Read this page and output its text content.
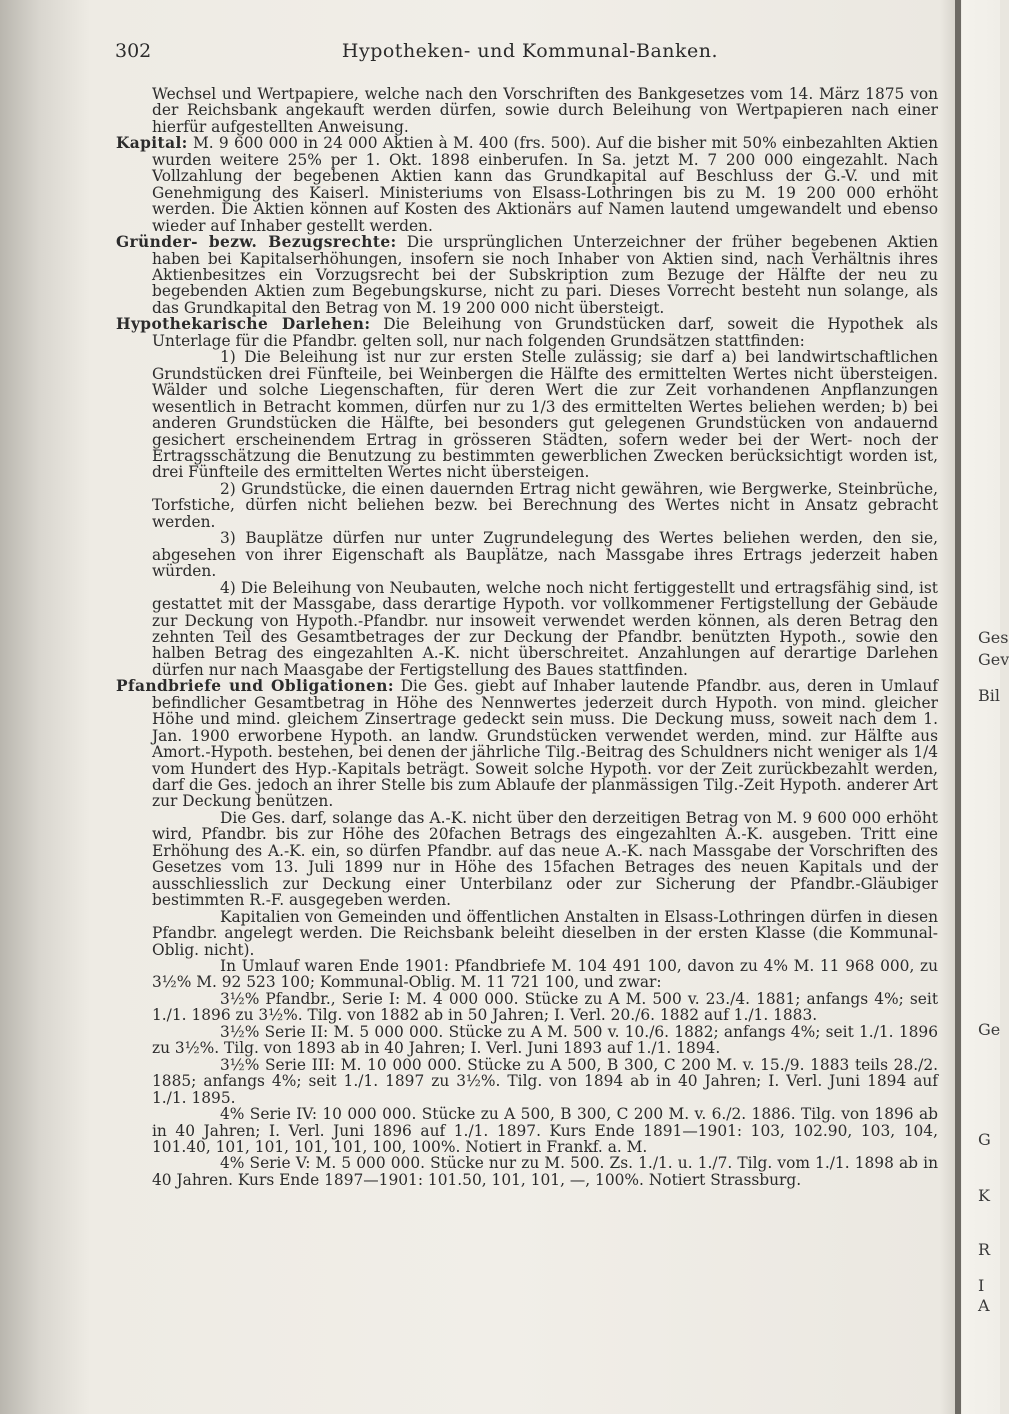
302	Hypotheken- und Kommunal-Banken.

Wechsel und Wertpapiere, welche nach den Vorschriften des Bankgesetzes vom 14. März 1875 von der Reichsbank angekauft werden dürfen, sowie durch Beleihung von Wertpapieren nach einer hierfür aufgestellten Anweisung.

Kapital: M. 9 600 000 in 24 000 Aktien à M. 400 (frs. 500). Auf die bisher mit 50% einbezahlten Aktien wurden weitere 25% per 1. Okt. 1898 einberufen. In Sa. jetzt M. 7 200 000 eingezahlt. Nach Vollzahlung der begebenen Aktien kann das Grundkapital auf Beschluss der G.-V. und mit Genehmigung des Kaiserl. Ministeriums von Elsass-Lothringen bis zu M. 19 200 000 erhöht werden. Die Aktien können auf Kosten des Aktionärs auf Namen lautend umgewandelt und ebenso wieder auf Inhaber gestellt werden.

Gründer- bezw. Bezugsrechte: Die ursprünglichen Unterzeichner der früher begebenen Aktien haben bei Kapitalserhöhungen, insofern sie noch Inhaber von Aktien sind, nach Verhältnis ihres Aktienbesitzes ein Vorzugsrecht bei der Subskription zum Bezuge der Hälfte der neu zu begebenden Aktien zum Begebungskurse, nicht zu pari. Dieses Vorrecht besteht nun solange, als das Grundkapital den Betrag von M. 19 200 000 nicht übersteigt.

Hypothekarische Darlehen: Die Beleihung von Grundstücken darf, soweit die Hypothek als Unterlage für die Pfandbr. gelten soll, nur nach folgenden Grundsätzen stattfinden:

1) Die Beleihung ist nur zur ersten Stelle zulässig; sie darf a) bei landwirtschaftlichen Grundstücken drei Fünfteile, bei Weinbergen die Hälfte des ermittelten Wertes nicht übersteigen. Wälder und solche Liegenschaften, für deren Wert die zur Zeit vorhandenen Anpflanzungen wesentlich in Betracht kommen, dürfen nur zu 1/3 des ermittelten Wertes beliehen werden; b) bei anderen Grundstücken die Hälfte, bei besonders gut gelegenen Grundstücken von andauernd gesichert erscheinendem Ertrag in grösseren Städten, sofern weder bei der Wert- noch der Ertragsschätzung die Benutzung zu bestimmten gewerblichen Zwecken berücksichtigt worden ist, drei Fünfteile des ermittelten Wertes nicht übersteigen.

2) Grundstücke, die einen dauernden Ertrag nicht gewähren, wie Bergwerke, Steinbrüche, Torfstiche, dürfen nicht beliehen bezw. bei Berechnung des Wertes nicht in Ansatz gebracht werden.

3) Bauplätze dürfen nur unter Zugrundelegung des Wertes beliehen werden, den sie, abgesehen von ihrer Eigenschaft als Bauplätze, nach Massgabe ihres Ertrags jederzeit haben würden.

4) Die Beleihung von Neubauten, welche noch nicht fertiggestellt und ertragsfähig sind, ist gestattet mit der Massgabe, dass derartige Hypoth. vor vollkommener Fertigstellung der Gebäude zur Deckung von Hypoth.-Pfandbr. nur insoweit verwendet werden können, als deren Betrag den zehnten Teil des Gesamtbetrages der zur Deckung der Pfandbr. benützten Hypoth., sowie den halben Betrag des eingezahlten A.-K. nicht überschreitet. Anzahlungen auf derartige Darlehen dürfen nur nach Maasgabe der Fertigstellung des Baues stattfinden.

Pfandbriefe und Obligationen: Die Ges. giebt auf Inhaber lautende Pfandbr. aus, deren in Umlauf befindlicher Gesamtbetrag in Höhe des Nennwertes jederzeit durch Hypoth. von mind. gleicher Höhe und mind. gleichem Zinsertrage gedeckt sein muss. Die Deckung muss, soweit nach dem 1. Jan. 1900 erworbene Hypoth. an landw. Grundstücken verwendet werden, mind. zur Hälfte aus Amort.-Hypoth. bestehen, bei denen der jährliche Tilg.-Beitrag des Schuldners nicht weniger als 1/4 vom Hundert des Hyp.-Kapitals beträgt. Soweit solche Hypoth. vor der Zeit zurückbezahlt werden, darf die Ges. jedoch an ihrer Stelle bis zum Ablaufe der planmässigen Tilg.-Zeit Hypoth. anderer Art zur Deckung benützen.

Die Ges. darf, solange das A.-K. nicht über den derzeitigen Betrag von M. 9 600 000 erhöht wird, Pfandbr. bis zur Höhe des 20fachen Betrags des eingezahlten A.-K. ausgeben. Tritt eine Erhöhung des A.-K. ein, so dürfen Pfandbr. auf das neue A.-K. nach Massgabe der Vorschriften des Gesetzes vom 13. Juli 1899 nur in Höhe des 15fachen Betrages des neuen Kapitals und der ausschliesslich zur Deckung einer Unterbilanz oder zur Sicherung der Pfandbr.-Gläubiger bestimmten R.-F. ausgegeben werden.

Kapitalien von Gemeinden und öffentlichen Anstalten in Elsass-Lothringen dürfen in diesen Pfandbr. angelegt werden. Die Reichsbank beleiht dieselben in der ersten Klasse (die Kommunal-Oblig. nicht).

In Umlauf waren Ende 1901: Pfandbriefe M. 104 491 100, davon zu 4% M. 11 968 000, zu 3½% M. 92 523 100; Kommunal-Oblig. M. 11 721 100, und zwar:

3½% Pfandbr., Serie I: M. 4 000 000. Stücke zu A M. 500 v. 23./4. 1881; anfangs 4%; seit 1./1. 1896 zu 3½%. Tilg. von 1882 ab in 50 Jahren; I. Verl. 20./6. 1882 auf 1./1. 1883.

3½% Serie II: M. 5 000 000. Stücke zu A M. 500 v. 10./6. 1882; anfangs 4%; seit 1./1. 1896 zu 3½%. Tilg. von 1893 ab in 40 Jahren; I. Verl. Juni 1893 auf 1./1. 1894.

3½% Serie III: M. 10 000 000. Stücke zu A 500, B 300, C 200 M. v. 15./9. 1883 teils 28./2. 1885; anfangs 4%; seit 1./1. 1897 zu 3½%. Tilg. von 1894 ab in 40 Jahren; I. Verl. Juni 1894 auf 1./1. 1895.

4% Serie IV: 10 000 000. Stücke zu A 500, B 300, C 200 M. v. 6./2. 1886. Tilg. von 1896 ab in 40 Jahren; I. Verl. Juni 1896 auf 1./1. 1897. Kurs Ende 1891—1901: 103, 102.90, 103, 104, 101.40, 101, 101, 101, 101, 100, 100%. Notiert in Frankf. a. M.

4% Serie V: M. 5 000 000. Stücke nur zu M. 500. Zs. 1./1. u. 1./7. Tilg. vom 1./1. 1898 ab in 40 Jahren. Kurs Ende 1897—1901: 101.50, 101, 101, —, 100%. Notiert Strassburg.

Ges
Gev
Bil
Ge
G
K
R
I
A
